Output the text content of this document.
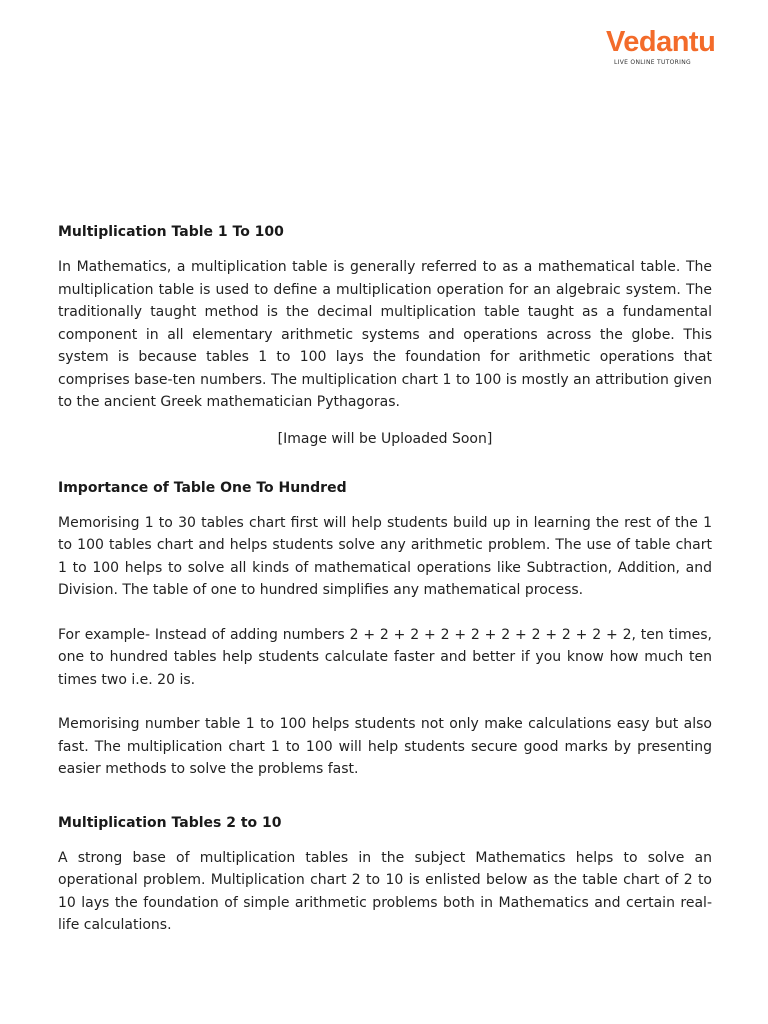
Vedantu
LIVE ONLINE TUTORING
Multiplication Table 1 To 100

In Mathematics, a multiplication table is generally referred to as a mathematical table. The multiplication table is used to define a multiplication operation for an algebraic system. The traditionally taught method is the decimal multiplication table taught as a fundamental component in all elementary arithmetic systems and operations across the globe. This system is because tables 1 to 100 lays the foundation for arithmetic operations that comprises base-ten numbers. The multiplication chart 1 to 100 is mostly an attribution given to the ancient Greek mathematician Pythagoras.

[Image will be Uploaded Soon]

Importance of Table One To Hundred

Memorising 1 to 30 tables chart first will help students build up in learning the rest of the 1 to 100 tables chart and helps students solve any arithmetic problem. The use of table chart 1 to 100 helps to solve all kinds of mathematical operations like Subtraction, Addition, and Division. The table of one to hundred simplifies any mathematical process.

For example- Instead of adding numbers 2 + 2 + 2 + 2 + 2 + 2 + 2 + 2 + 2 + 2, ten times, one to hundred tables help students calculate faster and better if you know how much ten times two i.e. 20 is.

Memorising number table 1 to 100 helps students not only make calculations easy but also fast. The multiplication chart 1 to 100 will help students secure good marks by presenting easier methods to solve the problems fast.

Multiplication Tables 2 to 10

A strong base of multiplication tables in the subject Mathematics helps to solve an operational problem. Multiplication chart 2 to 10 is enlisted below as the table chart of 2 to 10 lays the foundation of simple arithmetic problems both in Mathematics and certain real-life calculations.
